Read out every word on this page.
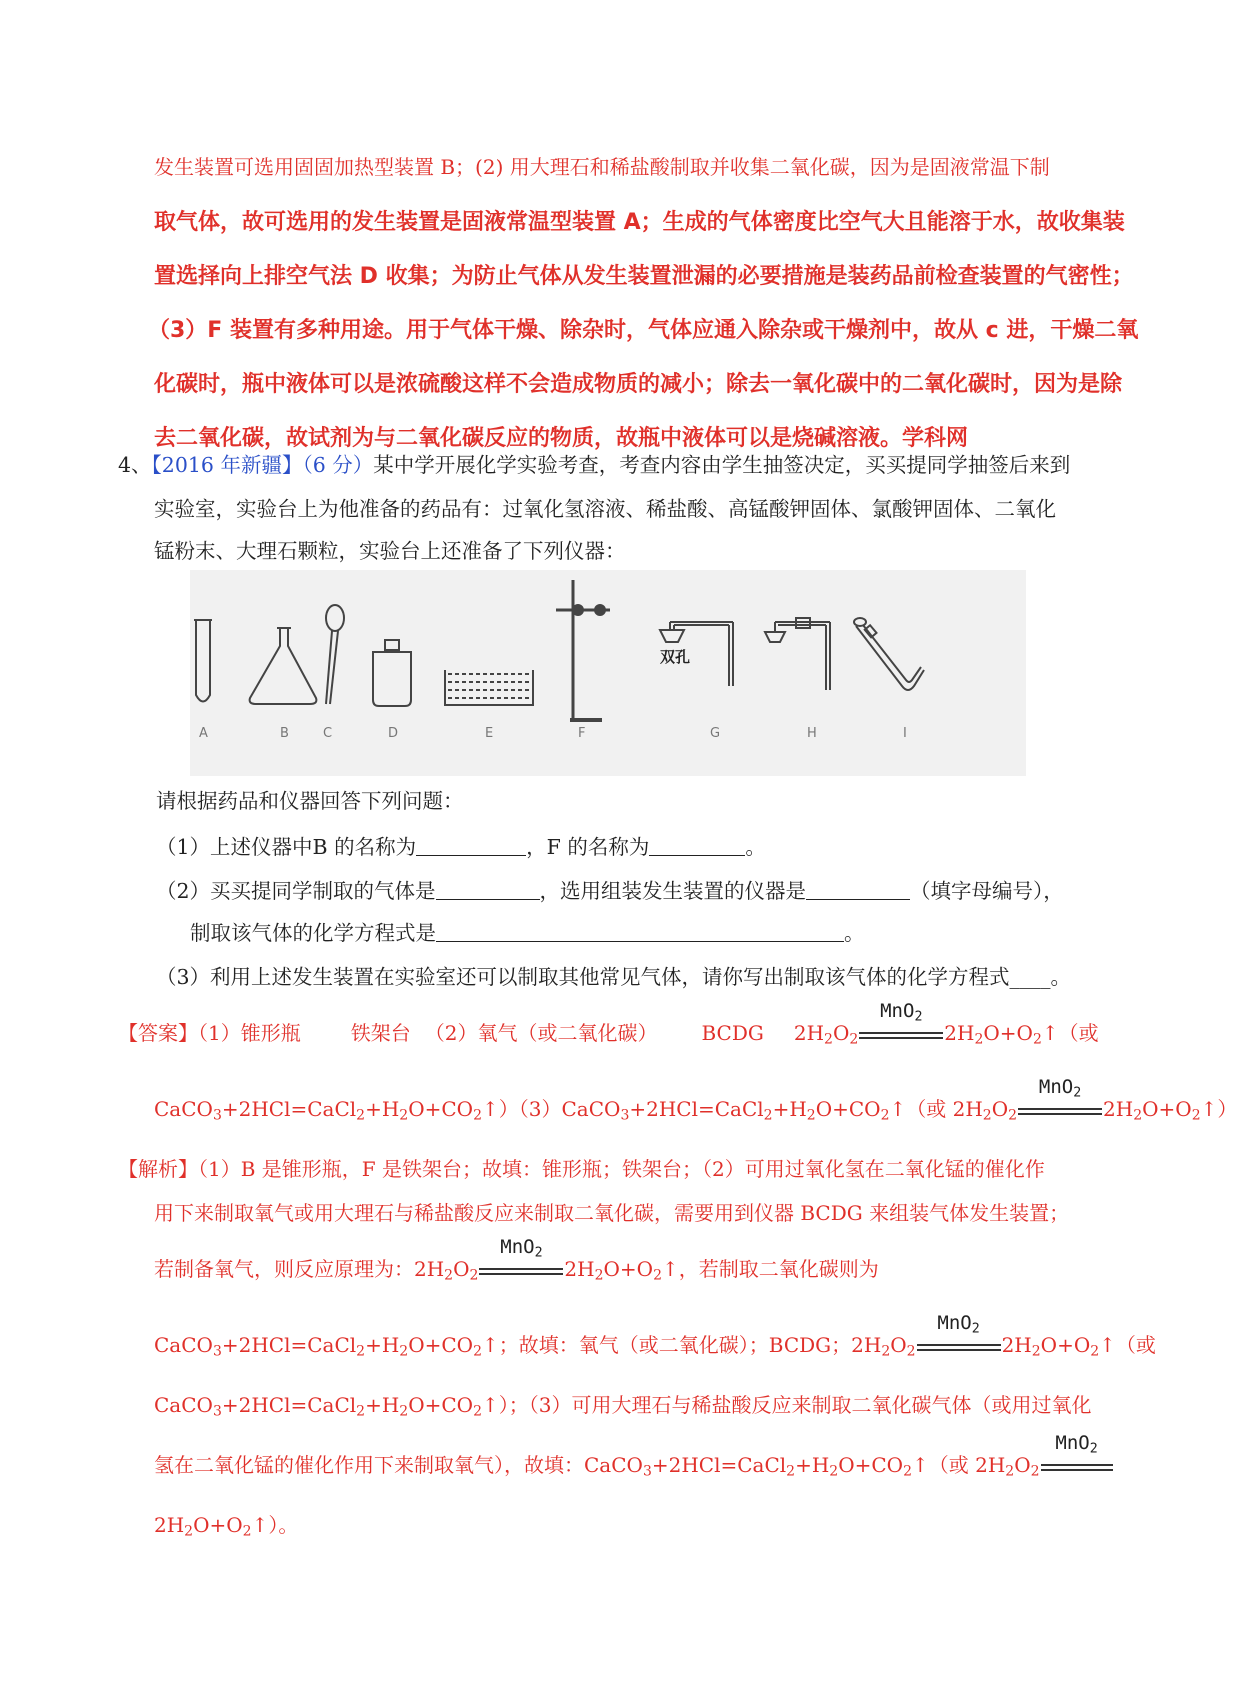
发生装置可选用固固加热型装置 B；(2) 用大理石和稀盐酸制取并收集二氧化碳，因为是固液常温下制
取气体，故可选用的发生装置是固液常温型装置 A；生成的气体密度比空气大且能溶于水，故收集装
置选择向上排空气法 D 收集；为防止气体从发生装置泄漏的必要措施是装药品前检查装置的气密性；
（3）F 装置有多种用途。用于气体干燥、除杂时，气体应通入除杂或干燥剂中，故从 c 进，干燥二氧
化碳时，瓶中液体可以是浓硫酸这样不会造成物质的减小；除去一氧化碳中的二氧化碳时，因为是除
去二氧化碳，故试剂为与二氧化碳反应的物质，故瓶中液体可以是烧碱溶液。学科网
4、【2016 年新疆】（6 分）某中学开展化学实验考查，考查内容由学生抽签决定，买买提同学抽签后来到
实验室，实验台上为他准备的药品有：过氧化氢溶液、稀盐酸、高锰酸钾固体、氯酸钾固体、二氧化
锰粉末、大理石颗粒，实验台上还准备了下列仪器：
双孔
A	B	C	D	E	F	G	H	I
请根据药品和仪器回答下列问题：
（1）上述仪器中B 的名称为	，F 的名称为	。
（2）买买提同学制取的气体是	，选用组装发生装置的仪器是	（填字母编号），
制取该气体的化学方程式是	。
（3）利用上述发生装置在实验室还可以制取其他常见气体，请你写出制取该气体的化学方程式____。
【答案】（1）锥形瓶	铁架台 （2）氧气（或二氧化碳） BCDG $2H_2O_2$
MnO$_2$
$2H_2O+O_2↑$（或
$CaCO_3+2HCl=CaCl_2+H_2O+CO_2↑)(3)CaCO_3+2HCl=CaCl_2+H_2O+CO_2↑$（或 $2H_2O_2$
MnO$_2$
$2H_2O+O_2↑$）
【解析】（1）B 是锥形瓶，F 是铁架台；故填：锥形瓶；铁架台；（2）可用过氧化氢在二氧化锰的催化作
用下来制取氧气或用大理石与稀盐酸反应来制取二氧化碳，需要用到仪器 BCDG 来组装气体发生装置；
若制备氧气，则反应原理为：$2H_2O_2$
MnO$_2$
$2H_2O+O_2↑$，若制取二氧化碳则为
$CaCO_3+2HCl=CaCl_2+H_2O+CO_2↑$；故填：氧气（或二氧化碳）；BCDG；$2H_2O_2$
MnO$_2$
$2H_2O+O_2↑$（或
$CaCO_3+2HCl=CaCl_2+H_2O+CO_2↑$）；（3）可用大理石与稀盐酸反应来制取二氧化碳气体（或用过氧化
氢在二氧化锰的催化作用下来制取氧气），故填：$CaCO_3+2HCl=CaCl_2+H_2O+CO_2↑$（或 $2H_2O_2$
MnO$_2$
$2H_2O+O_2↑$）。
